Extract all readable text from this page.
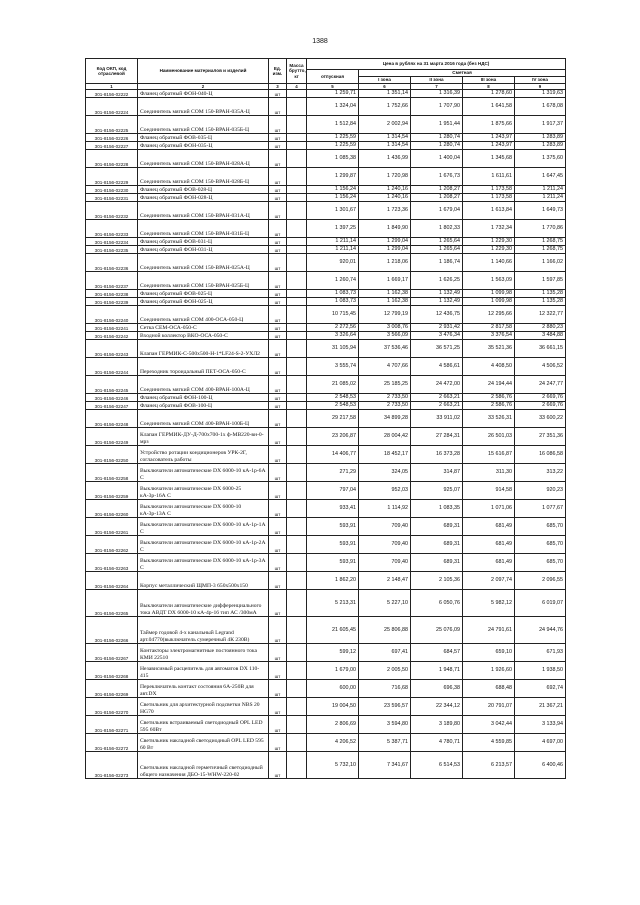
1388
Код ОКП, код отраслевой	Наименование материалов и изделий	Ед. изм.	Масса брутто, кг	Цена в рублях на 31 марта 2016 года (без НДС)				
				отпускная	Сметная			
					I зона	II зона	III зона	IV зона
1	2	3	4	5	6	7	8	9
301-8156-02222	Фланец обратный ФОН-040-Ц	шт		1 259,71	1 351,14	1 316,39	1 278,60	1 319,63
301-8156-02224	Соединитель мягкий СОМ 150-ВРАН-035А-Ц	шт		1 324,04	1 752,66	1 707,90	1 641,58	1 678,08
301-8156-02225	Соединитель мягкий СОМ 150-ВРАН-035Б-Ц	шт		1 512,84	2 002,94	1 951,44	1 875,66	1 917,37
301-8156-02226	Фланец обратный ФОВ-035-Ц	шт		1 225,59	1 314,54	1 280,74	1 243,97	1 283,89
301-8156-02227	Фланец обратный ФОН-035-Ц	шт		1 225,59	1 314,54	1 280,74	1 243,97	1 283,89
301-8156-02228	Соединитель мягкий СОМ 150-ВРАН-028А-Ц	шт		1 085,38	1 436,99	1 400,04	1 345,68	1 375,60
301-8156-02229	Соединитель мягкий СОМ 150-ВРАН-028Б-Ц	шт		1 299,87	1 720,98	1 676,73	1 611,61	1 647,45
301-8156-02230	Фланец обратный ФОВ-028-Ц	шт		1 156,24	1 240,16	1 208,27	1 173,58	1 211,24
301-8156-02231	Фланец обратный ФОН-028-Ц	шт		1 156,24	1 240,16	1 208,27	1 173,58	1 211,24
301-8156-02232	Соединитель мягкий СОМ 150-ВРАН-031А-Ц	шт		1 301,67	1 723,36	1 679,04	1 613,84	1 649,73
301-8156-02233	Соединитель мягкий СОМ 150-ВРАН-031Б-Ц	шт		1 397,25	1 849,90	1 802,33	1 732,34	1 770,86
301-8156-02234	Фланец обратный ФОВ-031-Ц	шт		1 211,14	1 299,04	1 265,64	1 229,30	1 268,75
301-8156-02235	Фланец обратный ФОН-031-Ц	шт		1 211,14	1 299,04	1 265,64	1 229,30	1 268,75
301-8156-02236	Соединитель мягкий СОМ 150-ВРАН-025А-Ц	шт		920,01	1 218,06	1 186,74	1 140,66	1 166,02
301-8156-02237	Соединитель мягкий СОМ 150-ВРАН-025Б-Ц	шт		1 260,74	1 669,17	1 626,25	1 563,09	1 597,85
301-8156-02238	Фланец обратный ФОВ-025-Ц	шт		1 083,73	1 162,38	1 132,49	1 099,98	1 135,28
301-8156-02239	Фланец обратный ФОН-025-Ц	шт		1 083,73	1 162,38	1 132,49	1 099,98	1 135,28
301-8156-02240	Соединитель мягкий СОМ 400-ОСА-050-Ц	шт		10 715,45	12 799,19	12 436,75	12 295,66	12 322,77
301-8156-02241	Сетка СЕМ-ОСА-050-С	шт		2 272,56	3 008,76	2 931,42	2 817,58	2 880,23
301-8156-02242	Входной коллектор ВКО-ОСА-050-С	шт		3 326,64	3 566,09	3 476,34	3 376,54	3 484,88
301-8156-02243	Клапан ГЕРМИК-С-500х500-Н-1*LF24-S-2-УХЛ2	шт		31 105,94	37 536,46	36 571,25	35 521,36	36 661,15
301-8156-02244	Переходник тороидальный ПЕТ-ОСА-050-С	шт		3 555,74	4 707,66	4 586,61	4 408,50	4 506,52
301-8156-02245	Соединитель мягкий СОМ 400-ВРАН-100А-Ц	шт		21 085,02	25 185,25	24 472,00	24 194,44	24 247,77
301-8156-02246	Фланец обратный ФОН-100-Ц	шт		2 548,53	2 733,50	2 663,21	2 586,76	2 669,76
301-8156-02247	Фланец обратный ФОВ-100-Ц	шт		2 548,53	2 733,50	2 663,21	2 586,76	2 669,76
301-8156-02248	Соединитель мягкий СОМ 400-ВРАН-100Б-Ц	шт		29 217,58	34 899,28	33 911,02	33 526,31	33 600,22
301-8156-02249	Клапан ГЕРМИК-ДУ-Д-700х700-1х ф-MB220-вн-0-мрз	шт		23 206,87	28 004,42	27 284,31	26 501,03	27 351,36
301-8156-02250	Устройство ротации кондиционеров УРК-2Г, согласователь работы	шт		14 406,77	18 452,17	16 373,28	15 616,87	16 086,58
301-8156-02258	Выключатели автоматические DX 6000-10 кА-1р-6А С	шт		271,29	324,05	314,87	311,30	313,22
301-8156-02259	Выключатели автоматические DX 6000-25 кА-3р-16А С	шт		797,04	952,03	925,07	914,58	920,23
301-8156-02260	Выключатели автоматические DX 6000-10 кА-3р-13А С	шт		933,41	1 114,92	1 083,35	1 071,06	1 077,67
301-8156-02261	Выключатели автоматические DX 6000-10 кА-1р-1А С	шт		593,91	709,40	689,31	681,49	685,70
301-8156-02262	Выключатели автоматические DX 6000-10 кА-1р-2А С	шт		593,91	709,40	689,31	681,49	685,70
301-8156-02263	Выключатели автоматические DX 6000-10 кА-1р-3А С	шт		593,91	709,40	689,31	681,49	685,70
301-8156-02264	Корпус металлический ЩМП-3 650х500х150	шт		1 862,20	2 148,47	2 105,36	2 097,74	2 096,55
301-8156-02265	Выключатели автоматические дифференциального тока АВДТ DX 6000-10 кА-4р-16 тип АС /300мА	шт		5 213,31	5 227,10	6 050,76	5 982,12	6 019,07
301-8156-02266	Таймер годовой 4-х канальный Legrand арт.04770(выключатель сумеречный 4К 230В)	шт		21 605,45	25 806,88	25 076,09	24 791,61	24 944,76
301-8156-02267	Контакторы электромагнитные постоянного тока КМИ 22510	шт		599,12	697,41	684,57	659,10	671,93
301-8156-02268	Независимый расцепитель для автоматов DX 110-415	шт		1 679,00	2 005,50	1 948,71	1 926,60	1 938,50
301-8156-02269	Переключатель контакт состояния 6А-250В для авт.DX	шт		600,00	716,68	696,38	688,48	692,74
301-8156-02270	Светильник для архитектурной подсветки NBS 20 HG70	шт		19 004,50	23 596,57	22 344,12	20 791,07	21 367,21
301-8156-02271	Светильник встраиваемый светодиодный OPL LED 595 60Вт	шт		2 806,69	3 594,80	3 189,80	3 042,44	3 133,94
301-8156-02272	Светильник накладной светодиодный OPL LED 595 60 Вт	шт		4 206,52	5 387,71	4 780,71	4 559,85	4 697,00
301-8156-02273	Светильник накладной герметичный светодиодный общего назначения ДБО-15-WHW-220-02	шт		5 732,10	7 341,67	6 514,53	6 213,57	6 400,46
